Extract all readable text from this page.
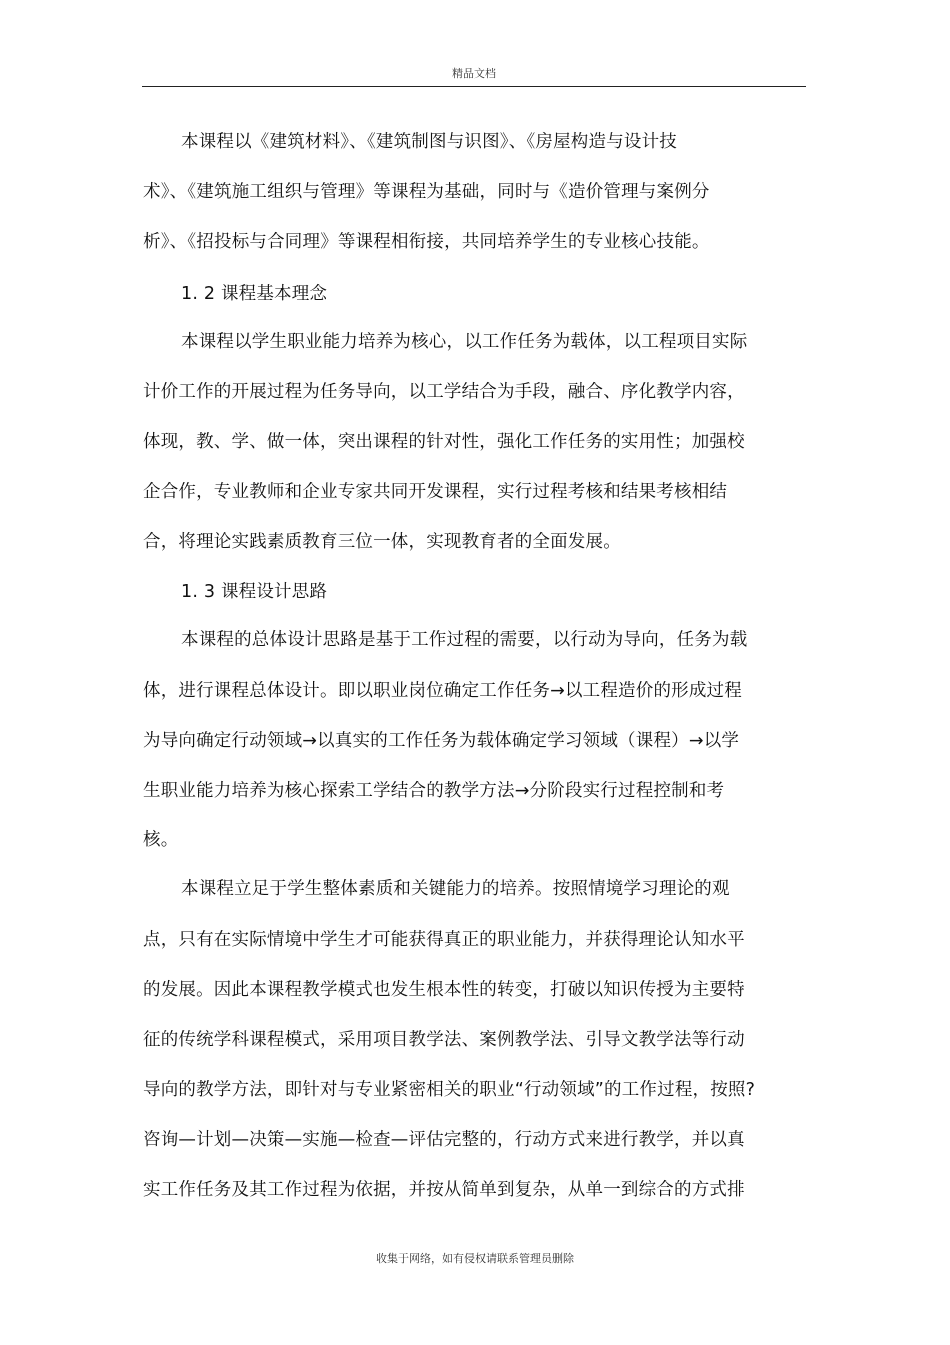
精品文档
本课程以《建筑材料》、《建筑制图与识图》、《房屋构造与设计技
术》、《建筑施工组织与管理》等课程为基础，同时与《造价管理与案例分
析》、《招投标与合同理》等课程相衔接，共同培养学生的专业核心技能。
1. 2 课程基本理念
本课程以学生职业能力培养为核心，以工作任务为载体，以工程项目实际
计价工作的开展过程为任务导向，以工学结合为手段，融合、序化教学内容，
体现，教、学、做一体，突出课程的针对性，强化工作任务的实用性；加强校
企合作，专业教师和企业专家共同开发课程，实行过程考核和结果考核相结
合，将理论实践素质教育三位一体，实现教育者的全面发展。
1. 3 课程设计思路
本课程的总体设计思路是基于工作过程的需要，以行动为导向，任务为载
体，进行课程总体设计。即以职业岗位确定工作任务→以工程造价的形成过程
为导向确定行动领域→以真实的工作任务为载体确定学习领域（课程）→以学
生职业能力培养为核心探索工学结合的教学方法→分阶段实行过程控制和考
核。
本课程立足于学生整体素质和关键能力的培养。按照情境学习理论的观
点，只有在实际情境中学生才可能获得真正的职业能力，并获得理论认知水平
的发展。因此本课程教学模式也发生根本性的转变，打破以知识传授为主要特
征的传统学科课程模式，采用项目教学法、案例教学法、引导文教学法等行动
导向的教学方法，即针对与专业紧密相关的职业“行动领域”的工作过程，按照?
咨询—计划—决策—实施—检查—评估完整的，行动方式来进行教学，并以真
实工作任务及其工作过程为依据，并按从简单到复杂，从单一到综合的方式排
收集于网络，如有侵权请联系管理员删除
